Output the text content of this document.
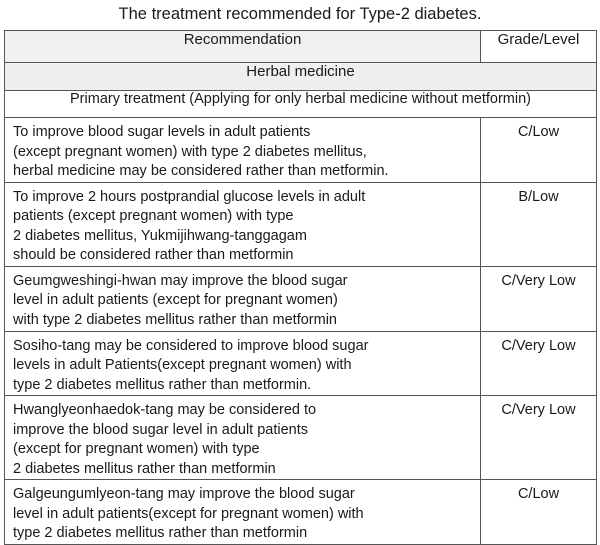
The treatment recommended for Type-2 diabetes.
Recommendation	Grade/Level
Herbal medicine	
Primary treatment (Applying for only herbal medicine without metformin)	

To improve blood sugar levels in adult patients
(except pregnant women) with type 2 diabetes mellitus,
herbal medicine may be considered rather than metformin.	C/Low

To improve 2 hours postprandial glucose levels in adult
patients (except pregnant women) with type
2 diabetes mellitus, Yukmijihwang-tanggagam
should be considered rather than metformin	B/Low

Geumgweshingi-hwan may improve the blood sugar
level in adult patients (except for pregnant women)
with type 2 diabetes mellitus rather than metformin	C/Very Low

Sosiho-tang may be considered to improve blood sugar
levels in adult Patients(except pregnant women) with
type 2 diabetes mellitus rather than metformin.	C/Very Low

Hwanglyeonhaedok-tang may be considered to
improve the blood sugar level in adult patients
(except for pregnant women) with type
2 diabetes mellitus rather than metformin	C/Very Low

Galgeungumlyeon-tang may improve the blood sugar
level in adult patients(except for pregnant women) with
type 2 diabetes mellitus rather than metformin	C/Low
